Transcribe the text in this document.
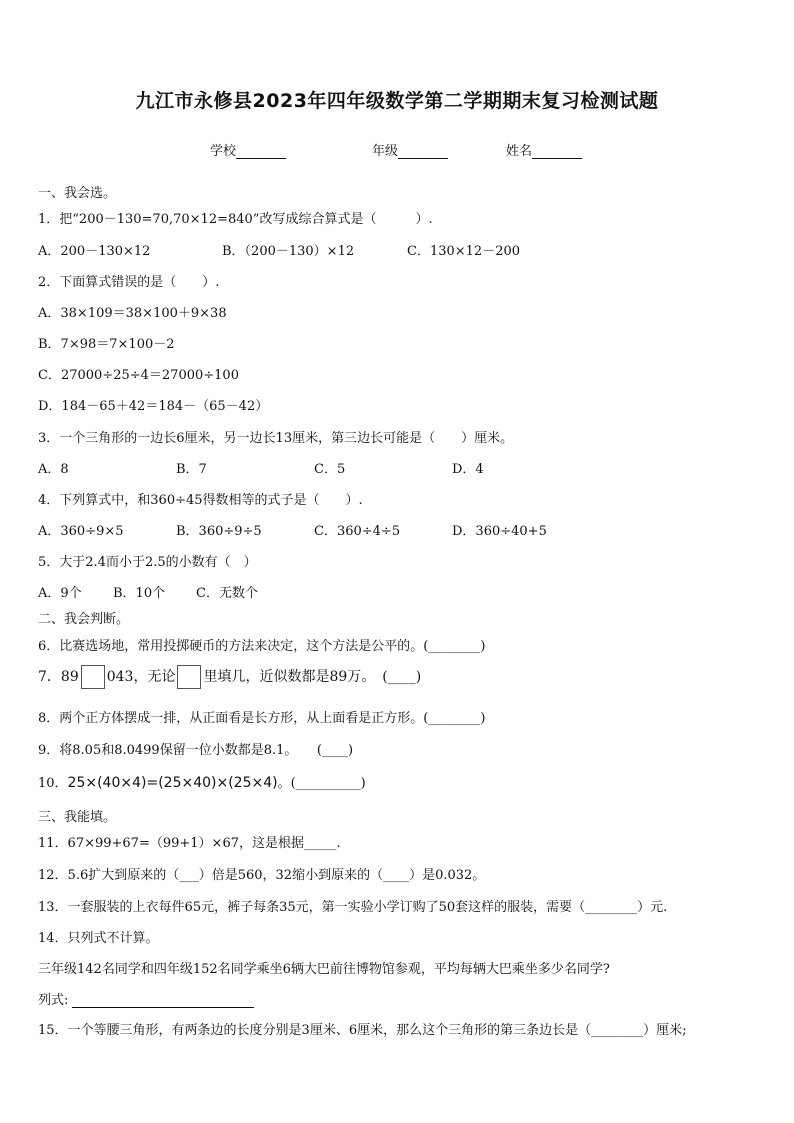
九江市永修县2023年四年级数学第二学期期末复习检测试题
学校	年级	姓名
一、我会选。
1．把“200－130=70,70×12=840”改写成综合算式是（　　　）.
A．200－130×12	B．（200－130）×12	C．130×12－200
2．下面算式错误的是（　　）.
A．38×109＝38×100＋9×38
B．7×98＝7×100－2
C．27000÷25÷4＝27000÷100
D．184－65＋42＝184－（65－42）
3．一个三角形的一边长6厘米，另一边长13厘米，第三边长可能是（　　）厘米。
A．8	B．7	C．5	D．4
4．下列算式中，和360÷45得数相等的式子是（　　）.
A．360÷9×5	B．360÷9÷5	C．360÷4÷5	D．360÷40+5
5．大于2.4而小于2.5的小数有（　）
A．9个 B．10个 C．无数个
二、我会判断。
6．比赛选场地，常用投掷硬币的方法来决定，这个方法是公平的。(________)
7．89 043，无论 里填几，近似数都是89万。　(____)
8．两个正方体摆成一排，从正面看是长方形，从上面看是正方形。(________)
9．将8.05和8.0499保留一位小数都是8.1。　　(____)
10．25×(40×4)=(25×40)×(25×4)。(__________)
三、我能填。
11．67×99+67=（99+1）×67，这是根据_____.
12．5.6扩大到原来的（___）倍是560，32缩小到原来的（____）是0.032。
13．一套服装的上衣每件65元，裤子每条35元，第一实验小学订购了50套这样的服装，需要（________）元.
14．只列式不计算。
三年级142名同学和四年级152名同学乘坐6辆大巴前往博物馆参观，平均每辆大巴乘坐多少名同学?
列式:
15．一个等腰三角形，有两条边的长度分别是3厘米、6厘米，那么这个三角形的第三条边长是（________）厘米;
